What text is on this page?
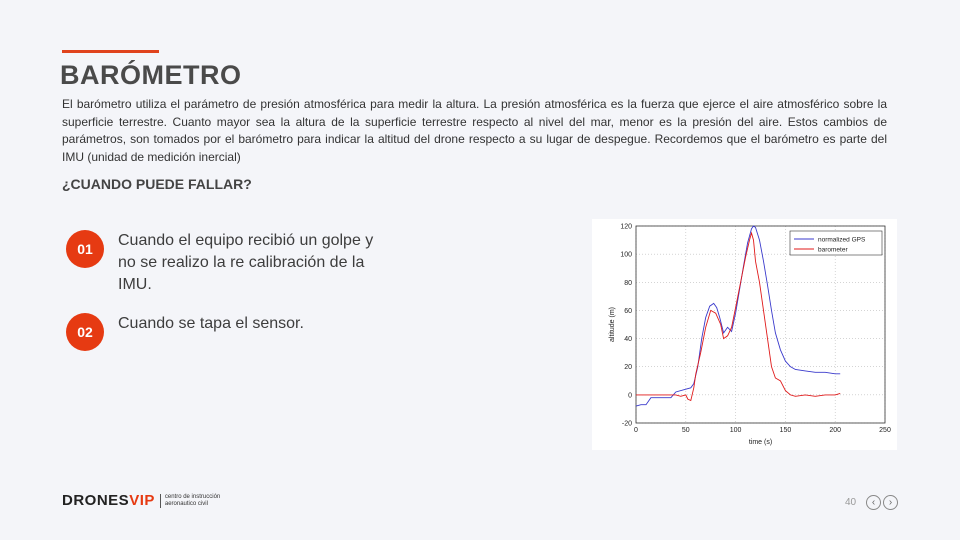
BARÓMETRO
El barómetro utiliza el parámetro de presión atmosférica para medir la altura. La presión atmosférica es la fuerza que ejerce el aire atmosférico sobre la superficie terrestre. Cuanto mayor sea la altura de la superficie terrestre respecto al nivel del mar, menor es la presión del aire. Estos cambios de parámetros, son tomados por el barómetro para indicar la altitud del drone respecto a su lugar de despegue. Recordemos que el barómetro es parte del IMU (unidad de medición inercial)
¿CUANDO PUEDE FALLAR?
01	Cuando el equipo recibió un golpe y no se realizo la re calibración de la IMU.
02	Cuando se tapa el sensor.
0	50	100	150	200	250
-20
0
20
40
60
80
100
120
time (s)
altitude (m)
normalized GPS
barometer
DRONESVIP	centro de instrucción
aeronautico civil	40	‹	›
